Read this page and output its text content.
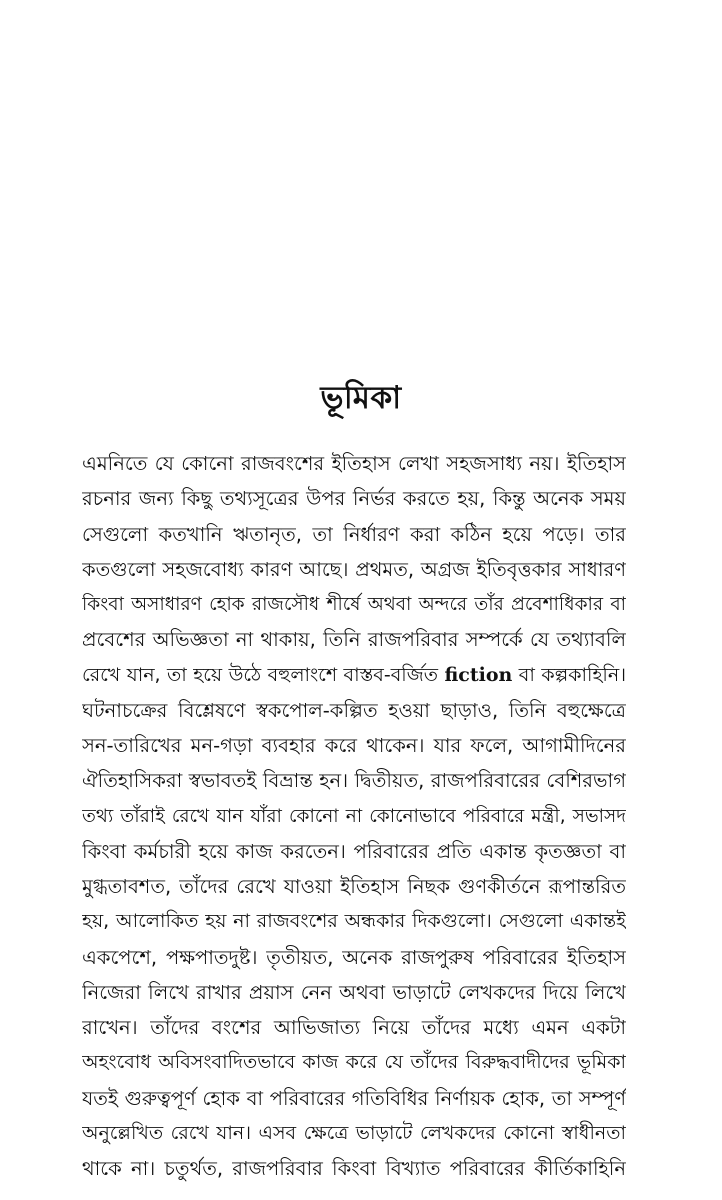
ভূমিকা
এমনিতে যে কোনো রাজবংশের ইতিহাস লেখা সহজসাধ্য নয়। ইতিহাস
রচনার জন্য কিছু তথ্যসূত্রের উপর নির্ভর করতে হয়, কিন্তু অনেক সময়
সেগুলো কতখানি ঋতানৃত, তা নির্ধারণ করা কঠিন হয়ে পড়ে। তার
কতগুলো সহজবোধ্য কারণ আছে। প্রথমত, অগ্রজ ইতিবৃত্তকার সাধারণ
কিংবা অসাধারণ হোক রাজসৌধ শীর্ষে অথবা অন্দরে তাঁর প্রবেশাধিকার বা
প্রবেশের অভিজ্ঞতা না থাকায়, তিনি রাজপরিবার সম্পর্কে যে তথ্যাবলি
রেখে যান, তা হয়ে উঠে বহুলাংশে বাস্তব-বর্জিত fiction বা কল্পকাহিনি।
ঘটনাচক্রের বিশ্লেষণে স্বকপোল-কল্পিত হওয়া ছাড়াও, তিনি বহুক্ষেত্রে
সন-তারিখের মন-গড়া ব্যবহার করে থাকেন। যার ফলে, আগামীদিনের
ঐতিহাসিকরা স্বভাবতই বিভ্রান্ত হন। দ্বিতীয়ত, রাজপরিবারের বেশিরভাগ
তথ্য তাঁরাই রেখে যান যাঁরা কোনো না কোনোভাবে পরিবারে মন্ত্রী, সভাসদ
কিংবা কর্মচারী হয়ে কাজ করতেন। পরিবারের প্রতি একান্ত কৃতজ্ঞতা বা
মুগ্ধতাবশত, তাঁদের রেখে যাওয়া ইতিহাস নিছক গুণকীর্তনে রূপান্তরিত
হয়, আলোকিত হয় না রাজবংশের অন্ধকার দিকগুলো। সেগুলো একান্তই
একপেশে, পক্ষপাতদুষ্ট। তৃতীয়ত, অনেক রাজপুরুষ পরিবারের ইতিহাস
নিজেরা লিখে রাখার প্রয়াস নেন অথবা ভাড়াটে লেখকদের দিয়ে লিখে
রাখেন। তাঁদের বংশের আভিজাত্য নিয়ে তাঁদের মধ্যে এমন একটা
অহংবোধ অবিসংবাদিতভাবে কাজ করে যে তাঁদের বিরুদ্ধবাদীদের ভূমিকা
যতই গুরুত্বপূর্ণ হোক বা পরিবারের গতিবিধির নির্ণায়ক হোক, তা সম্পূর্ণ
অনুল্লেখিত রেখে যান। এসব ক্ষেত্রে ভাড়াটে লেখকদের কোনো স্বাধীনতা
থাকে না। চতুর্থত, রাজপরিবার কিংবা বিখ্যাত পরিবারের কীর্তিকাহিনি
